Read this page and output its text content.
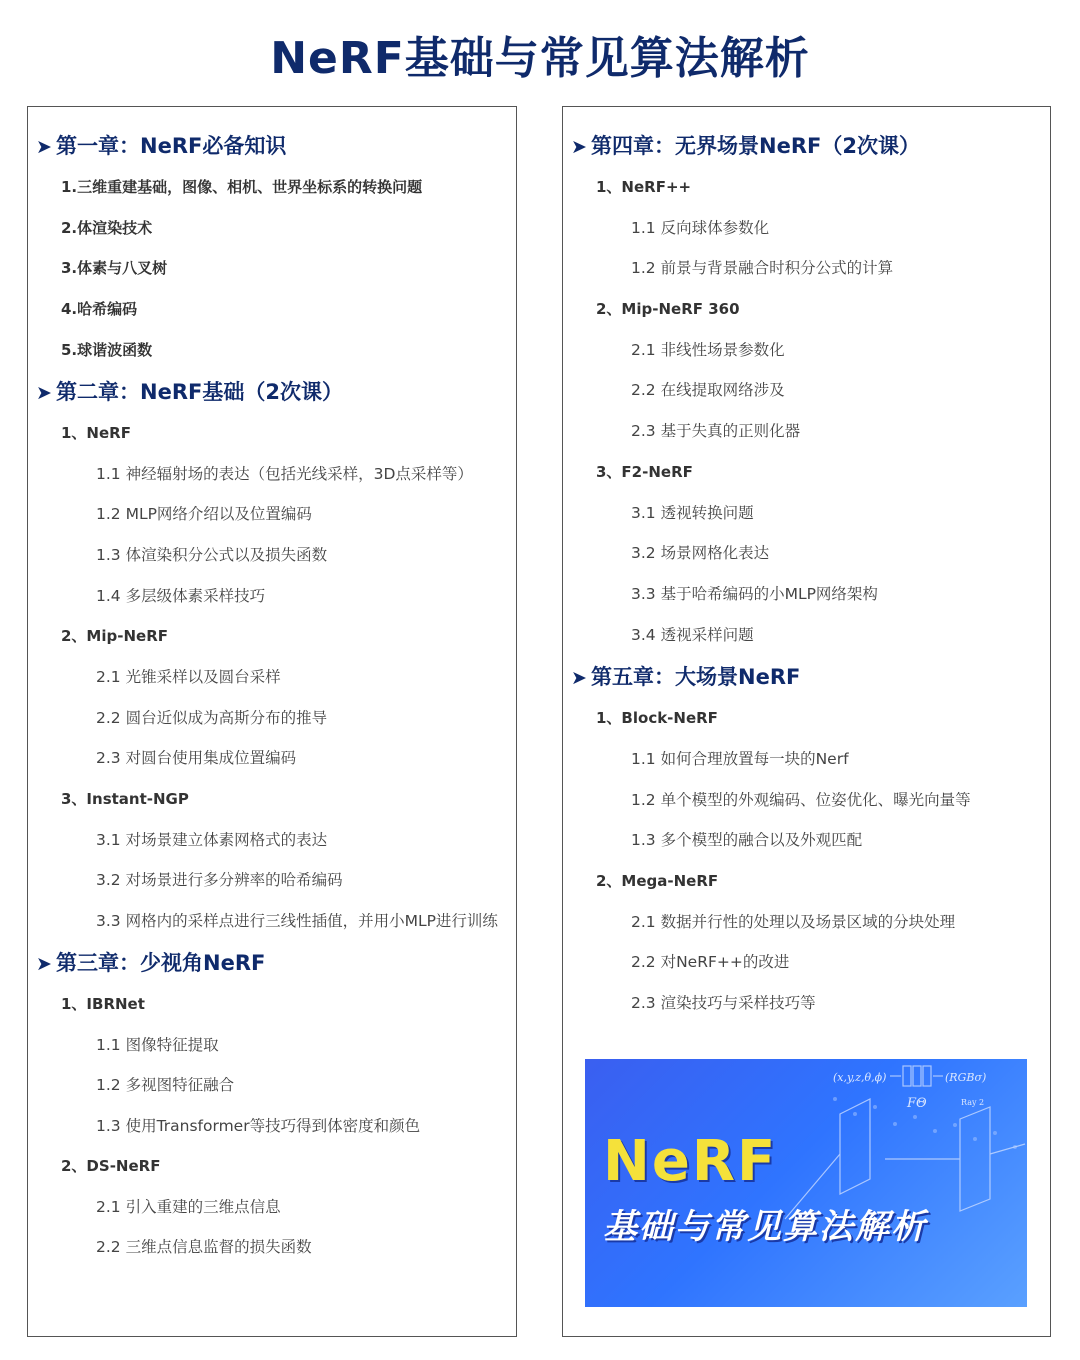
NeRF基础与常见算法解析
➤ 第一章：NeRF必备知识
1.三维重建基础，图像、相机、世界坐标系的转换问题
2.体渲染技术
3.体素与八叉树
4.哈希编码
5.球谐波函数
➤ 第二章：NeRF基础（2次课）
1、NeRF
1.1 神经辐射场的表达（包括光线采样，3D点采样等）
1.2 MLP网络介绍以及位置编码
1.3 体渲染积分公式以及损失函数
1.4 多层级体素采样技巧
2、Mip-NeRF
2.1 光锥采样以及圆台采样
2.2 圆台近似成为高斯分布的推导
2.3 对圆台使用集成位置编码
3、Instant-NGP
3.1 对场景建立体素网格式的表达
3.2 对场景进行多分辨率的哈希编码
3.3 网格内的采样点进行三线性插值，并用小MLP进行训练
➤ 第三章：少视角NeRF
1、IBRNet
1.1 图像特征提取
1.2 多视图特征融合
1.3 使用Transformer等技巧得到体密度和颜色
2、DS-NeRF
2.1 引入重建的三维点信息
2.2 三维点信息监督的损失函数
➤ 第四章：无界场景NeRF（2次课）
1、NeRF++
1.1 反向球体参数化
1.2 前景与背景融合时积分公式的计算
2、Mip-NeRF 360
2.1 非线性场景参数化
2.2 在线提取网络涉及
2.3 基于失真的正则化器
3、F2-NeRF
3.1 透视转换问题
3.2 场景网格化表达
3.3 基于哈希编码的小MLP网络架构
3.4 透视采样问题
➤ 第五章：大场景NeRF
1、Block-NeRF
1.1 如何合理放置每一块的Nerf
1.2 单个模型的外观编码、位姿优化、曝光向量等
1.3 多个模型的融合以及外观匹配
2、Mega-NeRF
2.1 数据并行性的处理以及场景区域的分块处理
2.2 对NeRF++的改进
2.3 渲染技巧与采样技巧等
(x,y,z,θ,ϕ)	(RGBσ)
FΘ	Ray 2
NeRF
基础与常见算法解析
